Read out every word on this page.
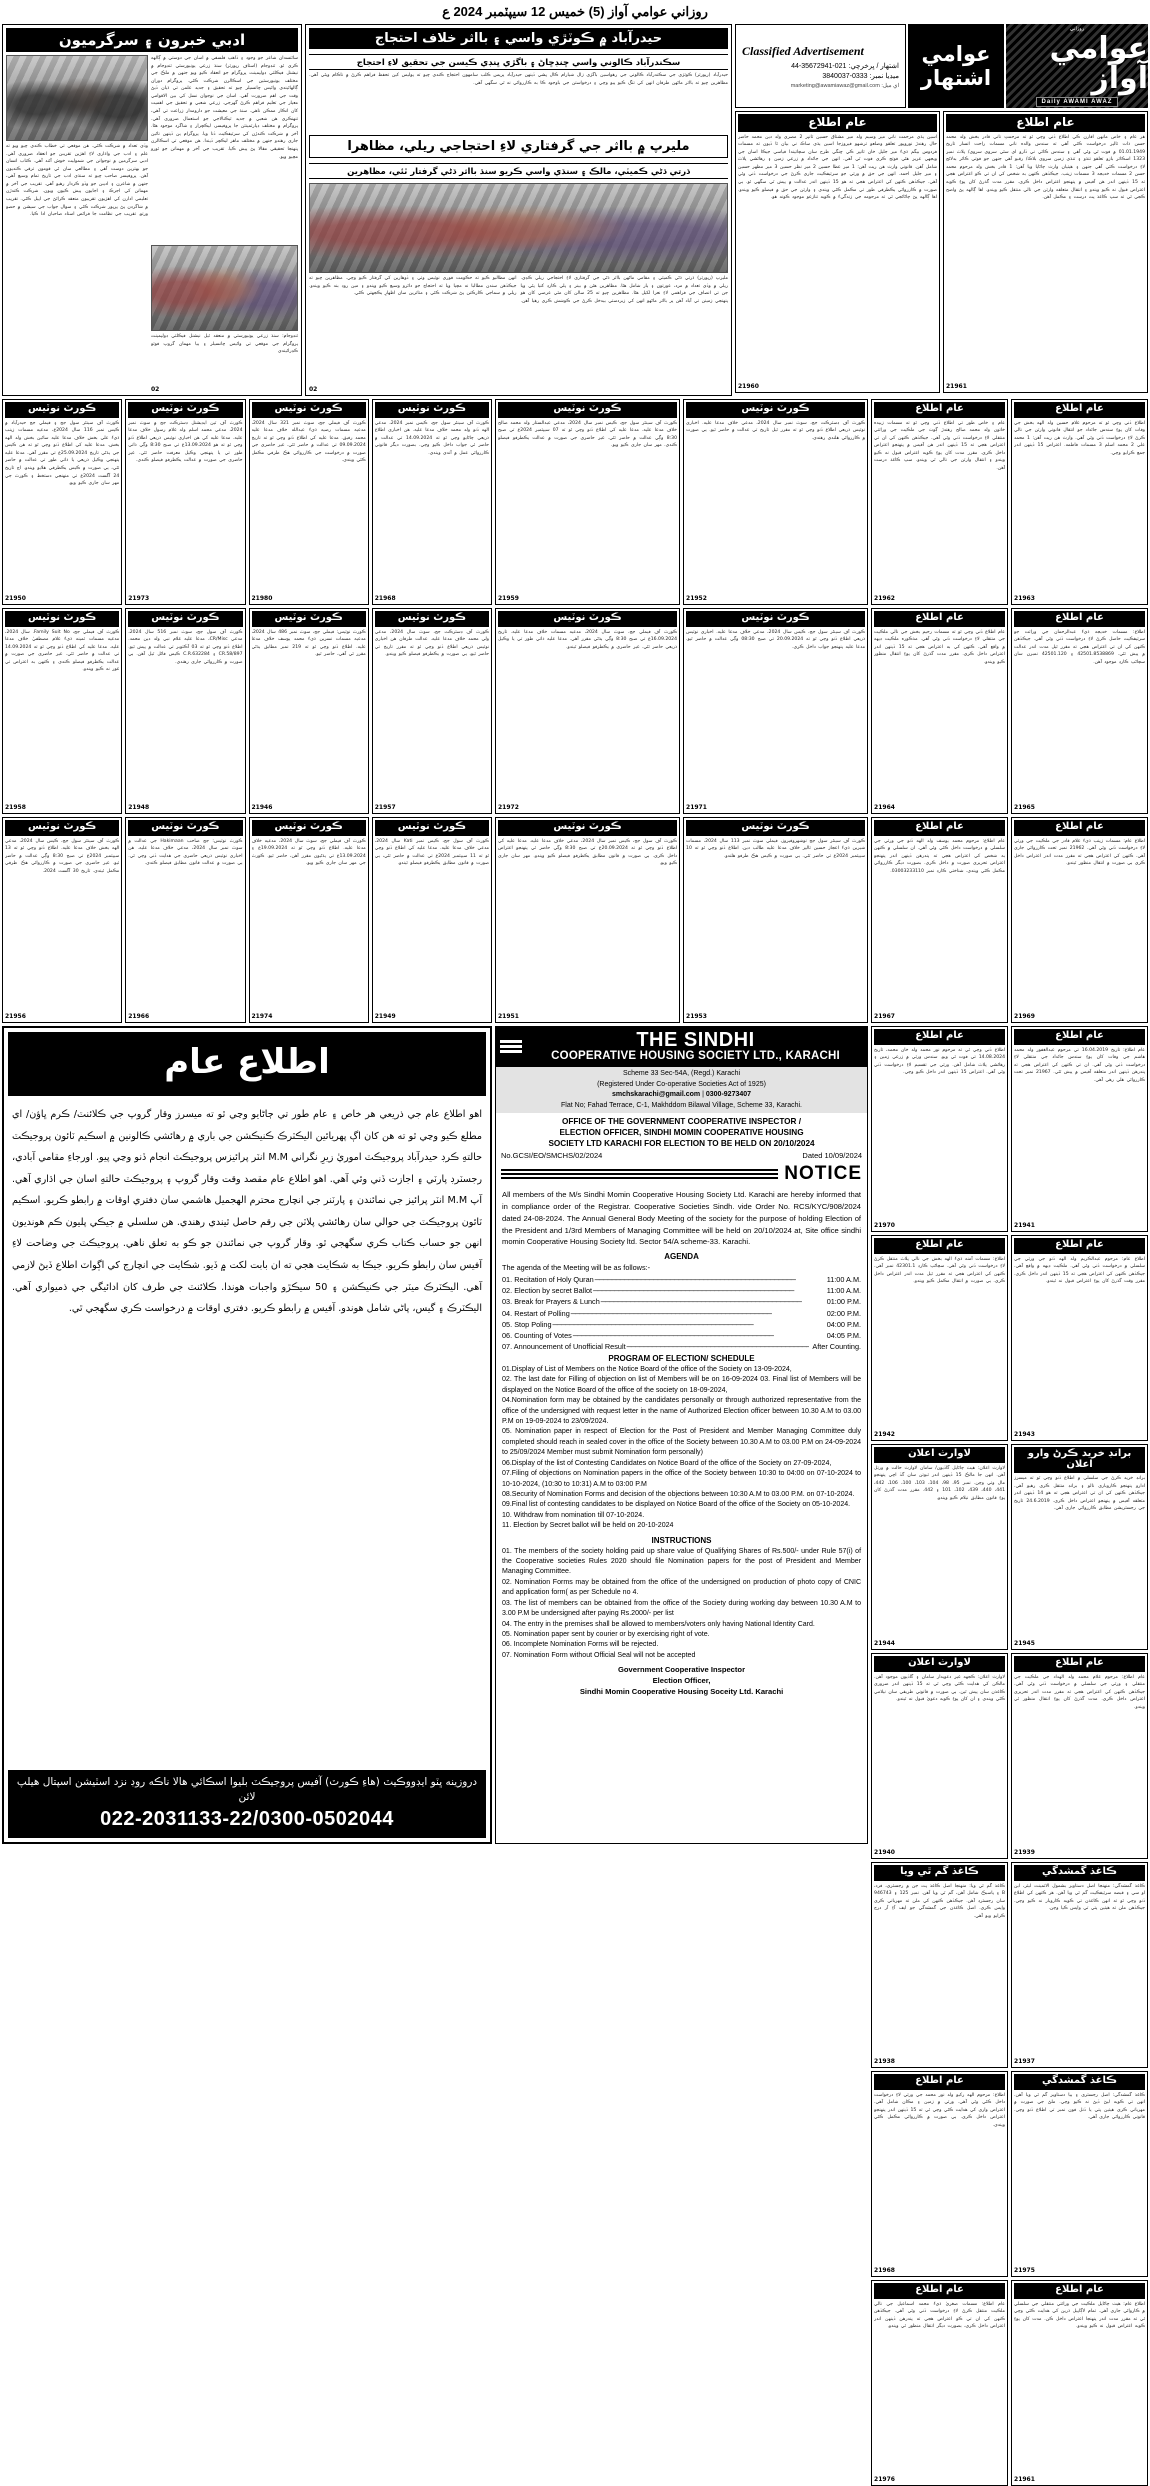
روزاني عوامي آواز (5) خميس 12 سيپٽمبر 2024 ع
ادبي خبرون ۽ سرگرميون
وڏي تعداد ۾ شرڪت ڪئي. ھن موقعي تي خطاب ڪندي چيو ويو ته علم ۽ ادب جي واڌاري لاءِ اهڙين تقريبن جو انعقاد ضروري آهي. ادبي سرگرمين ۾ نوجوانن جي شموليت خوش آئند آهي. ڪتاب انسان جو بهترين دوست آهي ۽ مطالعي سان ئي قومون ترقي ڪنديون آهن. پروفيسر صاحب چيو ته سنڌي ادب جي تاريخ تمام وسيع آهي، جنهن ۾ شاعرن ۽ اديبن جو وڏو ڪردار رهيو آهي. تقريب جي آخر ۾ مھمانن کي اجرڪ ۽ اجايون پيش ڪيون ويون. شرڪت ڪندڙن تعليمي ادارن کي اهڙيون تقريبون منعقد ڪرائڻ جي اپيل ڪئي. تقريب ۾ شاگردن پڻ ڀرپور شرڪت ڪئي ۽ سوال جواب جي سيشن ۾ حصو ورتو. تقريب جي نظامت جا فرائض استاد صاحبان ادا ڪيا.
سائنسدان شاعر جو وجود ۽ ڏاهپ فلسفي ۾ اسان جي دوستي ۾ ڳالهه ڪري ٿو. ٽنڊوجام (اسٽاف رپورٽر) سنڌ زرعي يونيورسٽي ٽنڊوجام ۾ نيشنل فيڪلٽي ڊولپمينٽ پروگرام جو انعقاد ڪيو ويو جنهن ۾ ملڪ جي مختلف يونيورسٽين جي اسڪالرن شرڪت ڪئي. پروگرام دوران ڳالهائيندي وائيس چانسيلر چيو ته تحقيق ۽ جديد علمن تي ڌيان ڏيڻ وقت جي اهم ضرورت آهي. اسان جي نوجوان نسل کي بين الاقوامي معيار جي تعليم فراهم ڪرڻ گهرجي. زرعي شعبي ۾ تحقيق جي اهميت کان انڪار ممڪن ناهي. سنڌ جي معيشت جو دارومدار زراعت تي آهي، تنهنڪري هن شعبي ۾ جديد ٽيڪنالاجي جو استعمال ضروري آهي. پروگرام ۾ مختلف ڊپارٽمينٽن جا پروفيسر، ليڪچرار ۽ شاگرد موجود هئا. آخر ۾ شرڪت ڪندڙن کي سرٽيفڪيٽ ڏنا ويا. پروگرام ٻن ڏينهن تائين جاري رهندو جنهن ۾ مختلف ماهر ليڪچر ڏيندا. هن موقعي تي اسڪالرن پنهنجا تحقيقي مقالا پڻ پيش ڪيا. تقريب جي آخر ۾ مهمانن جو ٿورو مڃيو ويو.
ٽنڊوجام: سنڌ زرعي يونيورسٽي ۾ منعقد ٿيل نيشنل فيڪلٽي ڊولپمينٽ پروگرام جي موقعي تي وائيس چانسيلر ۽ ٻيا مهمان گروپ فوٽو ڪڍرائيندي
02
حيدرآباد ۾ ڪوٽڙي واسي ۽ بااثر خلاف احتجاج
سڪندرآباد ڪالوني واسي ڇنڊڇاڻ ۽ باگڙي ڀنڊي ڪيسن جي تحقيق لاءِ احتجاج
حيدرآباد (رپورٽر) ڪوٽڙي جي سڪندرآباد ڪالوني جي رهواسين باگڙي زال شيارام ڪال ڀشي ڏينهن حيدرآباد پريس ڪلب سامهون احتجاج ڪندي چيو ته پوليس کين تحفظ فراهم ڪرڻ ۾ ناڪام ويئي آهي. مظاهرين چيو ته بااثر ماڻهن طرفان انهن کي تنگ ڪيو پيو وڃي ۽ درخواستن جي باوجود ڪا به ڪارروائي نه ٿي سگهي آهي.
مليرپ ۾ بااثر جي گرفتاري لاءِ احتجاجي ريلي، مظاهرا
ڌرتي ڌڻي ڪميٽي، مالڪ ۽ سنڌي واسي ڪريو سنڌ بااثر ڌڻي گرفتار ٿئي، مظاهرين
مليرپ (رپورٽر) ڌرتي ڌڻي ڪميٽي ۽ مقامي ماڻهن بااثر ڌڻي جي گرفتاري لاءِ احتجاجي ريلي ڪڍي. ريلي ۾ وڏي تعداد ۾ مرد، عورتون ۽ ٻار شامل هئا. مظاهرين هٿن ۾ بينر ۽ پلي ڪارڊ کنيا پئي ويا جن تي انصاف جي فراهمي لاءِ نعرا لکيل هئا. مظاهرين چيو ته 25 سالن کان مٿي عرصي کان هو پنهنجي زمينن تي آباد آهن پر بااثر ماڻهو انهن کي زبردستي بيدخل ڪرڻ جي ڪوشش ڪري رهيا آهن. انهن مطالبو ڪيو ته حڪومت فوري نوٽيس وٺي ۽ ڏوهارين کي گرفتار ڪيو وڃي. مظاهرين چيو ته جيڪڏهن سندن مطالبا نه مڃيا ويا ته احتجاج جو دائرو وسيع ڪيو ويندو ۽ مين روڊ بند ڪيو ويندو. ريلي ۾ سماجي ڪارڪنن پڻ شرڪت ڪئي ۽ متاثرين سان اظهارِ يڪجهتي ڪئي.
02
Classified Advertisement
اشتهار / ڀرخرچي: 021-35672941-44
ميڊيا نمبر: 0333-3840037
اي ميل: marketing@awamiawaz@gmail.com
عوامي
اشتهار
روزاني
عوامي آواز
Daily AWAMI AWAZ
عام اطلاع
اسين ٻڌي مرحمت ناني مير وسيم ولد مير مشتاق حسين ٽانڀر 2 مصري ولد دين محمد حاضر حال رهندڙ نوروپور تعلقو وضلعو ترشهو فيروزجا اسين ٻڌي ساڪ ني بيان ٿا ڏيون ته مسمات فردوس بيگم ڌيءَ مير جليل خان ٽانڀر ڪي ڇنگي طرح سان سڃاتيندا فياسي جيڪا اسان جي ويجهي عزيز هئي فوتج ڪري فوت ٿي آهي. انهن جي جائداد ۾ زرعي زمين ۽ رهائشي پلاٽ شامل آهن. قانوني وارث هن ريت آهن: 1 مير عطا حسين 2 مير نظر حسين 3 مير مظهر حسين ۽ مير جليل احمد. انهن جي حق ۾ ورثي جو سرٽيفڪيٽ جاري ڪرڻ جي درخواست ڏني وئي آهي. جيڪڏهن ڪنهن کي اعتراض هجي ته هو 15 ڏينهن اندر عدالت ۾ پيش ٿي سگهي ٿو. ٻي صورت ۾ ڪارروائي يڪطرفي طور تي مڪمل ڪئي ويندي ۽ وارثن جي حق ۾ فيصلو ڪيو ويندو. اها ڳالهه پڻ ڄاڻائجي ٿي ته مرحومه جي زندگيءَ ۾ ڪوبه تنازعو موجود ڪونه هو.
21960
عام اطلاع
هر عام ۽ خاص مانهن اقارن ڪي اطلاع ڏني وڃي ٿو ته مرحمتِ ناني قادر بخش ولد محمد حسن ذات ٽالپر درخواست ڪٿي آهي ته سندس والده ناني مسمات راحت انسار تاريخ 01.01.1949 ۾ فوت ٿي وئي آهي ۽ سندس ڪاٿي ني ڏارو اي سٿي سروي سروي/ پلاٽ نمبر 1323 اسڪاٽر بازو تعلقو تنڌو ۽ تنڌي زمين سروي بلاڪ/ رقبو آهي جنهن جو فوتي ڪاٿر بدلائج لاءِ درخواست ڪٿي آهي جنهن ۽ هيٺيان وارث ڄاڻايا ويا آهن: 1 قادر بخش ولد مرحوم محمد حسن 2 مسمات خديجه 3 مسمات زينب. جيڪڏهن ڪنهن به شخص کي ان تي ڪو اعتراض هجي ته 15 ڏينهن اندر هن آفيس ۾ پنهنجو اعتراض داخل ڪري. مقرر مدت گذرڻ کان پوءِ ڪوبه اعتراض قبول نه ڪيو ويندو ۽ انتقال متعلقه وارثن جي نالي منتقل ڪيو ويندو. اها ڳالهه پڻ واضح ڪجي ٿي ته سڀ ڪاغذ پٽ درست ۽ مڪمل آهن.
21961
ڪورٽ نوٽيس
ڪورٽ آف سينئر سول جج ۽ فيملي جج حيدرآباد ۾ ڪيس نمبر 116 سال 2024ع، مدعيه مسمات زينب ڌيءَ علي بخش خلاف مدعا عليه سائين بخش ولد الهه بخش. مدعا عليه کي اطلاع ڏنو وڃي ٿو ته هن ڪيس جي ٻڌڻي تاريخ 25.09.2024ع تي مقرر آهي. مدعا عليه پنهنجي وڪيل ذريعي يا ذاتي طور تي عدالت ۾ حاضر ٿئي، ٻي صورت ۾ ڪيس يڪطرفي هلايو ويندو. اڄ تاريخ 24 آگسٽ 2024ع تي منهنجي دستخط ۽ ڪورٽ جي مهر سان جاري ڪيو ويو.
21950
ڪورٽ نوٽيس
ڪورٽ آف ٽين ايڊيشنل ڊسٽرڪٽ جج ۾ سوٽ نمبر 2024، مدعي محمد اسلم ولد غلام رسول خلاف مدعا عليه. مدعا عليه کي هن اخباري نوٽيس ذريعي اطلاع ڏنو وڃي ٿو ته هو 13.09.2024ع تي صبح 8:30 وڳي ذاتي طور تي يا پنهنجي وڪيل معرفت حاضر ٿئي. غير حاضري جي صورت ۾ عدالت يڪطرفو فيصلو ڪندي.
21973
ڪورٽ نوٽيس
ڪورٽ آف فيملي جج، سوٽ نمبر 321 سال 2024، مدعيه مسمات رضيه ڌيءَ عبدالله خلاف مدعا عليه محمد رفيق. مدعا عليه کي اطلاع ڏنو وڃي ٿو ته تاريخ 09.09.2024 تي عدالت ۾ حاضر ٿئي. غير حاضري جي صورت ۾ درخواست جي ڪارروائي هڪ طرفي مڪمل ڪئي ويندي.
21980
ڪورٽ نوٽيس
ڪورٽ آف سينئر سول جج، ڪيس نمبر 2024، مدعي الهه ڏنو ولد محمد خلاف مدعا عليه. هن اخباري اطلاع ذريعي ڄاڻايو وڃي ٿو ته 14.09.2024 تي عدالت ۾ حاضر ٿي جواب داخل ڪيو وڃي. بصورت ديگر قانوني ڪارروائي عمل ۾ آندي ويندي.
21968
ڪورٽ نوٽيس
ڪورٽ آف فيملي جج، Family Suit No. سال 2024، مدعيه مسمات ثمينه ڌيءَ غلام مصطفيٰ خلاف مدعا عليه. مدعا عليه کي اطلاع ڏنو وڃي ٿو ته 14.09.2024 تي عدالت ۾ حاضر ٿئي. غير حاضري جي صورت ۾ عدالت يڪطرفو فيصلو ڪندي ۽ ڪنهن به اعتراض تي غور نه ڪيو ويندو.
21958
ڪورٽ نوٽيس
ڪورٽ آف سول جج، سوٽ نمبر 516 سال 2024، مدعي CR/Misc، مدعا عليه غلام نبي ولد دين محمد. اطلاع ڏنو وڃي ٿو ته 03 آڪٽوبر تي عدالت ۾ پيش ٿيو. CR.58/897 ۽ C.R.632284 ڪيس فائل ٿيل آهن. ٻي صورت ۾ ڪارروائي جاري رهندي.
21948
ڪورٽ نوٽيس
ڪورٽ نوٽيس: فيملي جج، سوٽ نمبر 486 سال 2024، مدعيه مسمات نسرين ڌيءَ محمد يوسف خلاف مدعا عليه. اطلاع ڏنو وڃي ٿو ته 219 نمبر مطابق ٻڌڻي مقرر ٿي آهي، حاضر ٿيو.
21946
ڪورٽ نوٽيس
ڪورٽ آف ڊسٽرڪٽ جج، سوٽ سال 2024، مدعي ولي محمد خلاف مدعا عليه. عدالت طرفان هن اخباري نوٽيس ذريعي اطلاع ڏنو وڃي ٿو ته مقرر تاريخ تي حاضر ٿيو، ٻي صورت ۾ يڪطرفو فيصلو ڪيو ويندو.
21957
ڪورٽ نوٽيس
ڪورٽ آف سينئر سول جج، ڪيس سال 2024، مدعي الهه بخش خلاف مدعا عليه. اطلاع ڏنو وڃي ٿو ته 13 سيپٽمبر 2024ع تي صبح 8:30 وڳي عدالت ۾ حاضر ٿيو. غير حاضري جي صورت ۾ ڪارروائي هڪ طرفي مڪمل ٿيندي. تاريخ 30 آگسٽ 2024.
21956
ڪورٽ نوٽيس
ڪورٽ نوٽيس: جج صاحب Hakimaan جي عدالت ۾ سوٽ نمبر سال 2024، مدعي خلاف مدعا عليه. هن اخباري نوٽيس ذريعي حاضري جي هدايت ڏني وڃي ٿي. ٻي صورت ۾ عدالت قانون مطابق فيصلو ڪندي.
21966
ڪورٽ نوٽيس
ڪورٽ آف فيملي جج، سوٽ سال 2024، مدعيه خلاف مدعا عليه. اطلاع ڏنو وڃي ٿو ته 19.09.2024ع ۽ 13.09.2024ع تي ٻڌڻيون مقرر آهن، حاضر ٿيو. ڪورٽ جي مهر سان جاري ڪيو ويو.
21974
ڪورٽ نوٽيس
ڪورٽ آف سول جج، ڪيس نمبر Kati سال 2024، مدعي خلاف مدعا عليه. مدعا عليه کي اطلاع ڏنو وڃي ٿو ته 11 سيپٽمبر 2024ع تي عدالت ۾ حاضر ٿئي، ٻي صورت ۾ قانون مطابق يڪطرفو فيصلو ٿيندو.
21949
اطلاع عام
اهو اطلاع عام جي ذريعي هر خاص ۽ عام طور تي ڄاڻايو وڃي ٿو ته ميسرز وقار گروپ جي ڪلائنٽ/ ڪرم ڀاؤن/ اي مطلع ڪيو وڃي ٿو ته هن کان اڳ پهريائين اليڪٽرڪ ڪنيڪشن جي باري ۾ رهائشي ڪالونين ۾ اسڪيم ٽائون پروجيڪٽ حالتهِ ڪرڊ حيدرآباد پروجيڪٽ اموريٰ زيرِ نگراني M.M انٽر پرائيزس پروجيڪٽ انجام ڏنو وڃي پيو. اورجاءِ مقامي آبادي، رجسٽرڊ پارٽي ۽ اجازت ڏني وئي آهي. اهو اطلاع عام مقصد وقت وقار گروپ ۽ پروجيڪٽ حالتهِ اسان جي اڌاري آهي. آپ M.M انٽر پرائيز جي نمائندن ۽ پارٽنر جي انچارج محترم الهجميل هاشمي سان دفتري اوقات ۾ رابطو ڪريو. اسڪيم ٽائون پروجيڪٽ جي حوالي سان رهائشي پلاٽن جي رقم حاصل ٿيندي رهندي. هن سلسلي ۾ جيڪي پليون ڪم هونديون انهن جو حساب ڪتاب ڪري سگهجي ٿو. وقار گروپ جي نمائندن جو ڪو به تعلق ناهي. پروجيڪٽ جي وضاحت لاءِ آفيس سان رابطو ڪريو. جيڪا به شڪايت هجي ته ان بابت لکت ۾ ڏيو. شڪايت جي انچارج کي اڳواٽ اطلاع ڏيڻ لازمي آهي. اليڪٽرڪ ميٽر جي ڪنيڪشن ۽ 50 سيڪڙو واجبات هوندا. ڪلائنٽ جي طرف کان ادائيگي جي ذميواري آهي. اليڪٽرڪ ۽ گيس، پاڻي شامل هوندو. آفيس ۾ رابطو ڪريو. دفتري اوقات ۾ درخواست ڪري سگهجي ٿي.
دروزينه ڀٽو ايڊووڪيٽ (هاءِ ڪورٽ) آفيس پروجيڪٽ بليوا اسڪائي هالا ناڪه روڊ نزد اسٽيشن اسپتال هيلپ لائن
022-2031133-22/0300-0502044
ڪورٽ نوٽيس
ڪورٽ آف سينئر سول جج، ڪيس نمبر سال 2024، مدعي عبدالستار ولد محمد صالح خلاف مدعا عليه. مدعا عليه کي اطلاع ڏنو وڃي ٿو ته 07 سيپٽمبر 2024ع تي صبح 8:30 وڳي عدالت ۾ حاضر ٿئي. غير حاضري جي صورت ۾ عدالت يڪطرفو فيصلو ڪندي. مهر سان جاري ڪيو ويو.
21959
ڪورٽ نوٽيس
ڪورٽ آف ڊسٽرڪٽ جج، سوٽ نمبر سال 2024، مدعي خلاف مدعا عليه. اخباري نوٽيس ذريعي اطلاع ڏنو وڃي ٿو ته مقرر ٿيل تاريخ تي عدالت ۾ حاضر ٿيو. ٻي صورت ۾ ڪارروائي هلندي رهندي.
21952
ڪورٽ نوٽيس
ڪورٽ آف فيملي جج، سوٽ سال 2024، مدعيه مسمات خلاف مدعا عليه. تاريخ 16.09.2024ع تي صبح 8:30 وڳي ٻڌڻي مقرر آهي. مدعا عليه ذاتي طور تي يا وڪيل ذريعي حاضر ٿئي. غير حاضري ۾ يڪطرفو فيصلو ٿيندو.
21972
ڪورٽ نوٽيس
ڪورٽ آف سينئر سول جج، ڪيس سال 2024، مدعي خلاف مدعا عليه. اخباري نوٽيس ذريعي اطلاع ڏنو وڃي ٿو ته 20.09.2024 تي صبح 08:30 وڳي عدالت ۾ حاضر ٿيو. مدعا عليه پنهنجو جواب داخل ڪري.
21971
ڪورٽ نوٽيس
ڪورٽ آف سول جج، ڪيس نمبر سال 2024، مدعي خلاف مدعا عليه. مدعا عليه کي اطلاع ڏنو وڃي ٿو ته 20.09.2024ع تي صبح 8:30 وڳي حاضر ٿي پنهنجو اعتراض داخل ڪري. ٻي صورت ۾ قانون مطابق يڪطرفو فيصلو ڪيو ويندو. مهر سان جاري ڪيو ويو.
21951
ڪورٽ نوٽيس
ڪورٽ آف سينئر سول جج نوشهروفيروز، فيملي سوٽ نمبر 113 سال 2024، مسمات شيرين ڌيءَ اعجاز حسين ٽالپر خلاف مدعا عليه طالب دين. اطلاع ڏنو وڃي ٿو ته 10 سيپٽمبر 2024ع تي حاضر ٿئي. ٻي صورت ۾ ڪيس هڪ طرفو هلندو.
21953
THE SINDHI
COOPERATIVE HOUSING SOCIETY LTD., KARACHI
Scheme 33 Sec-54A, (Regd.) Karachi
(Registered Under Co-operative Societies Act of 1925)
smchskarachi@gmail.com | 0300-9273407
Flat No; Fahad Terrace, C-1, Makhddom Bilawal Village, Scheme 33, Karachi.
OFFICE OF THE GOVERNMENT COOPERATIVE INSPECTOR /
ELECTION OFFICER, SINDHI MOMIN COOPERATIVE HOUSING
SOCIETY LTD KARACHI FOR ELECTION TO BE HELD ON 20/10/2024
No.GCSI/EO/SMCHS/02/2024	Dated 10/09/2024
NOTICE
All members of the M/s Sindhi Momin Cooperative Housing Society Ltd. Karachi are hereby informed that in compliance order of the Registrar. Cooperative Societies Sindh. vide Order No. RCS/KYC/908/2024 dated 24-08-2024. The Annual General Body Meeting of the society for the purpose of holding Election of the President and 1/3rd Members of Managing Committee will be held on 20/10/2024 at, Site office sindhi momin Cooperative Housing Society ltd. Sector 54/A scheme-33. Karachi.
AGENDA
The agenda of the Meeting will be as follows:-
01. Recitation of Holy Quran ────────────────────────────────────────────────	11:00 A.M.
02. Election by secret Ballot ────────────────────────────────────────────────	11:00 A.M.
03. Break for Prayers & Lunch ────────────────────────────────────────────────	01:00 P.M.
04. Restart of Polling ────────────────────────────────────────────────	02:00 P.M.
05. Stop Poling ────────────────────────────────────────────────	04:00 P.M.
06. Counting of Votes ────────────────────────────────────────────────	04:05 P.M.
07. Announcement of Unofficial Result ────────────────────────────────────────────────	After Counting.
PROGRAM OF ELECTION/ SCHEDULE
01.Display of List of Members on the Notice Board of the office of the Society on 13-09-2024,
02. The last date for Filling of objection on list of Members will be on 16-09-2024 03. Final list of Members will be displayed on the Notice Board of the office of the society on 18-09-2024,
04.Nomination form may be obtained by the candidates personally or through authorized representative from the office of the undersigned with request letter in the name of Authorized Election officer between 10.30 A.M to 03.00 P.M on 19-09-2024 to 23/09/2024.
05. Nomination paper in respect of Election for the Post of President and Member Managing Committee duly completed should reach in sealed cover in the office of the Society between 10.30 A.M to 03.00 P.M on 24-09-2024 to 25/09/2024 Member must submit Nomination form personally)
06.Display of the list of Contesting Candidates on Notice Board of the office of the Society on 27-09-2024,
07.Filing of objections on Nomination papers in the office of the Society between 10:30 to 04:00 on 07-10-2024 to 10-10-2024, (10:30 to 10:31) A.M to 03:00 P.M
08.Security of Nomination Forms and decision of the objections between 10:30 A.M to 03.00 P.M. on 07-10-2024.
09.Final list of contesting candidates to be displayed on Notice Board of the office of the Society on 05-10-2024.
10. Withdraw from nomination till 07-10-2024.
11. Election by Secret ballot will be held on 20-10-2024
INSTRUCTIONS
01. The members of the society holding paid up share value of Qualifying Shares of Rs.500/- under Rule 57(i) of the Cooperative societies Rules 2020 should file Nomination papers for the post of President and Member Managing Committee.
02. Nomination Forms may be obtained from the office of the undersigned on production of photo copy of CNIC and application form( as per Schedule no 4.
03. The list of members can be obtained from the office of the Society during working day between 10.30 A.M to 3.00 P.M be undersigned after paying Rs.2000/- per list
04. The entry in the premises shall be allowed to members/voters only having National Identity Card.
05. Nomination paper sent by courier or by exercising right of vote.
06. Incomplete Nomination Forms will be rejected.
07. Nomination Form without Official Seal will not be accepted
Government Cooperative Inspector
Election Officer,
Sindhi Momin Cooperative Housing Soceity Ltd. Karachi
عام اطلاع
عام ۽ خاص طور تي اطلاع ڏني وڃي ٿو ته مسمات زبيده خاتون ولد محمد صالح رهندڙ ڳوٺ جي ملڪيت جي وراثتي منتقلي لاءِ درخواست ڏني وئي آهي. جيڪڏهن ڪنهن کي ان تي اعتراض هجي ته 15 ڏينهن اندر هن آفيس ۾ پنهنجو اعتراض داخل ڪري. مقرر مدت کان پوءِ ڪوبه اعتراض قبول نه ڪيو ويندو ۽ انتقال وارثن جي نالي ٿي ويندو. سڀ ڪاغذ درست آهن.
21962
عام اطلاع
اطلاع ڏني وڃي ٿو ته مرحوم غلام حسين ولد الهه بخش جي وفات کان پوءِ سندس جائداد جو انتقال قانوني وارثن جي نالي ڪرڻ لاءِ درخواست ڏني وئي آهي. وارث هن ريت آهن: 1 محمد علي 2 محمد اسلم 3 مسمات فاطمه. اعتراض 15 ڏينهن اندر جمع ڪرايو وڃي.
21963
عام اطلاع
عام اطلاع ڏني وڃي ٿو ته مسمات رحيم بخش جي نالي ملڪيت جي منتقلي لاءِ درخواست ڏني وئي آهي. مذڪوره ملڪيت ڊيهه ۾ واقع آهي. ڪنهن کي به اعتراض هجي ته 15 ڏينهن اندر اعتراض داخل ڪري. مقرر مدت گذرڻ کان پوءِ انتقال منظور ڪيو ويندو.
21964
عام اطلاع
اطلاع: مسمات خديجه ڌيءَ عبدالرحمان جي وراثت جو سرٽيفڪيٽ حاصل ڪرڻ لاءِ درخواست ڏني وئي آهي. جيڪڏهن ڪنهن کي ان تي اعتراض هجي ته مقرر ٿيل مدت اندر عدالت ۾ پيش ٿئي. 42501.8538869 ۽ 42501.120 نمبرن سان سڃاڻپ ڪارڊ موجود آهن.
21965
عام اطلاع
عام اطلاع: مرحوم محمد يوسف ولد الهه ڏنو جي ورثي جي سلسلي ۾ درخواست داخل ڪئي وئي آهي. ان سلسلي ۾ ڪنهن به شخص کي اعتراض هجي ته پندرهن ڏينهن اندر پنهنجو اعتراض تحريري صورت ۾ داخل ڪري. بصورت ديگر ڪارروائي مڪمل ڪئي ويندي. شناختي ڪارڊ نمبر 03003233110.
21967
عام اطلاع
اطلاع عام: مسمات زينب ڌيءَ غلام قادر جي ملڪيت جي ورثي لاءِ درخواست ڏني وئي آهي. 21962 نمبر تحت ڪارروائي جاري آهي. ڪنهن کي اعتراض هجي ته مقرر مدت اندر اعتراض داخل ڪري ٻي صورت ۾ انتقال منظور ٿيندو.
21969
عام اطلاع
اطلاع ڏني وڃي ٿي ته مرحوم نور محمد ولد خان محمد، تاريخ 14.08.2024 تي فوت ٿي ويو. سندس ورثي ۾ زرعي زمين ۽ رهائشي پلاٽ شامل آهن. ورثي جي تقسيم لاءِ درخواست ڏني وئي آهي. اعتراض 15 ڏينهن اندر داخل ڪيو وڃي.
21970
عام اطلاع
عام اطلاع: تاريخ 16.04.2019 تي مرحوم عبدالغفور ولد محمد هاشم جي وفات کان پوءِ سندس جائداد جي منتقلي لاءِ درخواست ڏني وئي آهي. ان تي ڪنهن کي اعتراض هجي ته پندرهن ڏينهن اندر متعلقه آفيس ۾ پيش ٿئي. 21967 نمبر تحت ڪارروائي هلي رهي آهي.
21941
عام اطلاع
اطلاع: مسمات آمنه ڌيءَ الهه بخش جي نالي پلاٽ منتقل ڪرڻ لاءِ درخواست ڏني وئي آهي. سڃاڻپ ڪارڊ 42301.1 نمبر آهي. ڪنهن کي اعتراض هجي ته مقرر ٿيل مدت اندر اعتراض داخل ڪري. ٻي صورت ۾ انتقال مڪمل ڪيو ويندو.
21942
عام اطلاع
اطلاع عام: مرحوم عبدالڪريم ولد الهه ڏنو جي ورثي جي سلسلي ۾ درخواست ڏني وئي آهي. ملڪيت ڊيهه ۾ واقع آهي. جيڪڏهن ڪنهن کي اعتراض هجي ته 15 ڏينهن اندر داخل ڪري. مقرر وقت گذرڻ کان پوءِ اعتراض قبول نه ٿيندو.
21943
لاوارث اعلان
لاوارث اعلان: هيٺ ڄاڻايل گاڏيون/ سامان لاوارث حالت ۾ ورتل آهن. انهن جا مالڪ 15 ڏينهن اندر ثبوتن سان گڏ اچي پنهنجو مال وٺي وڃن. نمبر 95، 98، 104، 103، 100، 106، 442، 441، 440، 439، 102، 101 ۽ 442. مقرر مدت گذرڻ کان پوءِ قانون مطابق نيلام ڪيو ويندو.
21944
برانڊ خريد ڪرڻ وارو اعلان
برانڊ خريد ڪرڻ جي سلسلي ۾ اطلاع ڏنو وڃي ٿو ته ميسرز ادارو پنهنجو ڪاروباري نالو ۽ برانڊ منتقل ڪري رهيو آهي. جيڪڏهن ڪنهن کي ان تي اعتراض هجي ته هو 14 ڏينهن اندر متعلقه آفيس ۾ پنهنجو اعتراض داخل ڪري. 24.6.2019 تاريخ جي رجسٽريشن مطابق ڪارروائي جاري آهي.
21945
لاوارث اعلان
لاوارث اعلان: ڪجهه غير دعويدار سامان ۽ گاڏيون موجود آهن. مالڪن کي هدايت ڪئي وڃي ٿي ته 15 ڏينهن اندر ضروري ڪاغذن سان پيش ٿين. ٻي صورت ۾ قانوني طريقي سان نيلامي ڪئي ويندي ۽ ان کان پوءِ ڪوبه دعويٰ قبول نه ٿيندو.
21940
عام اطلاع
عام اطلاع: مرحوم غلام محمد ولد الهداد جي ملڪيت جي منتقلي ۽ ورثي جي سلسلي ۾ درخواست ڏني وئي آهي. جيڪڏهن ڪنهن کي اعتراض هجي ته مقرر مدت اندر تحريري اعتراض داخل ڪري. مدت گذرڻ کان پوءِ انتقال منظور ٿي ويندو.
21939
ڪاغذ گم ٿي ويا
ڪاغذ گم ٿي ويا: منهنجا اصل ڪاغذ پٽ جن ۾ رجسٽري، فرد، B ۽ پاسبڪ شامل آهن، گم ٿي ويا آهن. نمبر 125 ۽ 946743 سان رجسٽرڊ آهن. جيڪڏهن ڪنهن کي ملن ته مهرباني ڪري واپس ڪري. اصل ڪاغذن جي گمشدگي جو ايف آءِ آر درج ڪرايو ويو آهي.
21938
ڪاغذ گمشدگي
ڪاغذ گمشدگي: منهنجا اصل دستاويز بشمول الاٽمينٽ ليٽر، اين او سي ۽ قبضه سرٽيفڪيٽ گم ٿي ويا آهن. هر ڪنهن کي اطلاع ڏنو وڃي ٿو ته انهن ڪاغذن تي ڪوبه ڪاروبار نه ڪيو وڃي. جيڪڏهن ملن ته هيٺين پتي تي واپس ڪيا وڃن.
21937
عام اطلاع
اطلاع: مرحوم الهه رکيو ولد نور محمد جي ورثي لاءِ درخواست داخل ڪئي وئي آهي. ورثي ۾ زمين ۽ مڪان شامل آهي. اعتراض واري کي هدايت ڪئي وڃي ٿي ته 15 ڏينهن اندر پنهنجو اعتراض داخل ڪري. ٻي صورت ۾ ڪارروائي مڪمل ڪئي ويندي.
21968
ڪاغذ گمشدگي
ڪاغذ گمشدگي: اصل رجسٽري ۽ ٻيا دستاويز گم ٿي ويا آهن. انهن تي ڪوبه ليڻ ڏيڻ نه ڪيو وڃي. ملڻ جي صورت ۾ مهرباني ڪري هيٺين پتي يا ڏنل فون نمبر تي اطلاع ڏنو وڃي. قانوني ڪارروائي جاري آهي.
21975
عام اطلاع
عام اطلاع: مسمات صغريٰ ڌيءَ محمد اسماعيل جي نالي ملڪيت منتقل ڪرڻ لاءِ درخواست ڏني وئي آهي. جيڪڏهن ڪنهن کي ان تي ڪو اعتراض هجي ته پندرهن ڏينهن اندر اعتراض داخل ڪري، بصورت ديگر انتقال منظور ٿي ويندو.
21976
عام اطلاع
اطلاع عام: هيٺ ڄاڻايل ملڪيت جي وراثتي منتقلي جي سلسلي ۾ ڪاروائي جاري آهي. تمام لاڳاپيل ڌرين کي هدايت ڪئي وڃي ٿي ته مقرر مدت اندر پنهنجا اعتراض داخل ڪن. مدت کان پوءِ ڪوبه اعتراض قبول نه ڪيو ويندو.
21961
